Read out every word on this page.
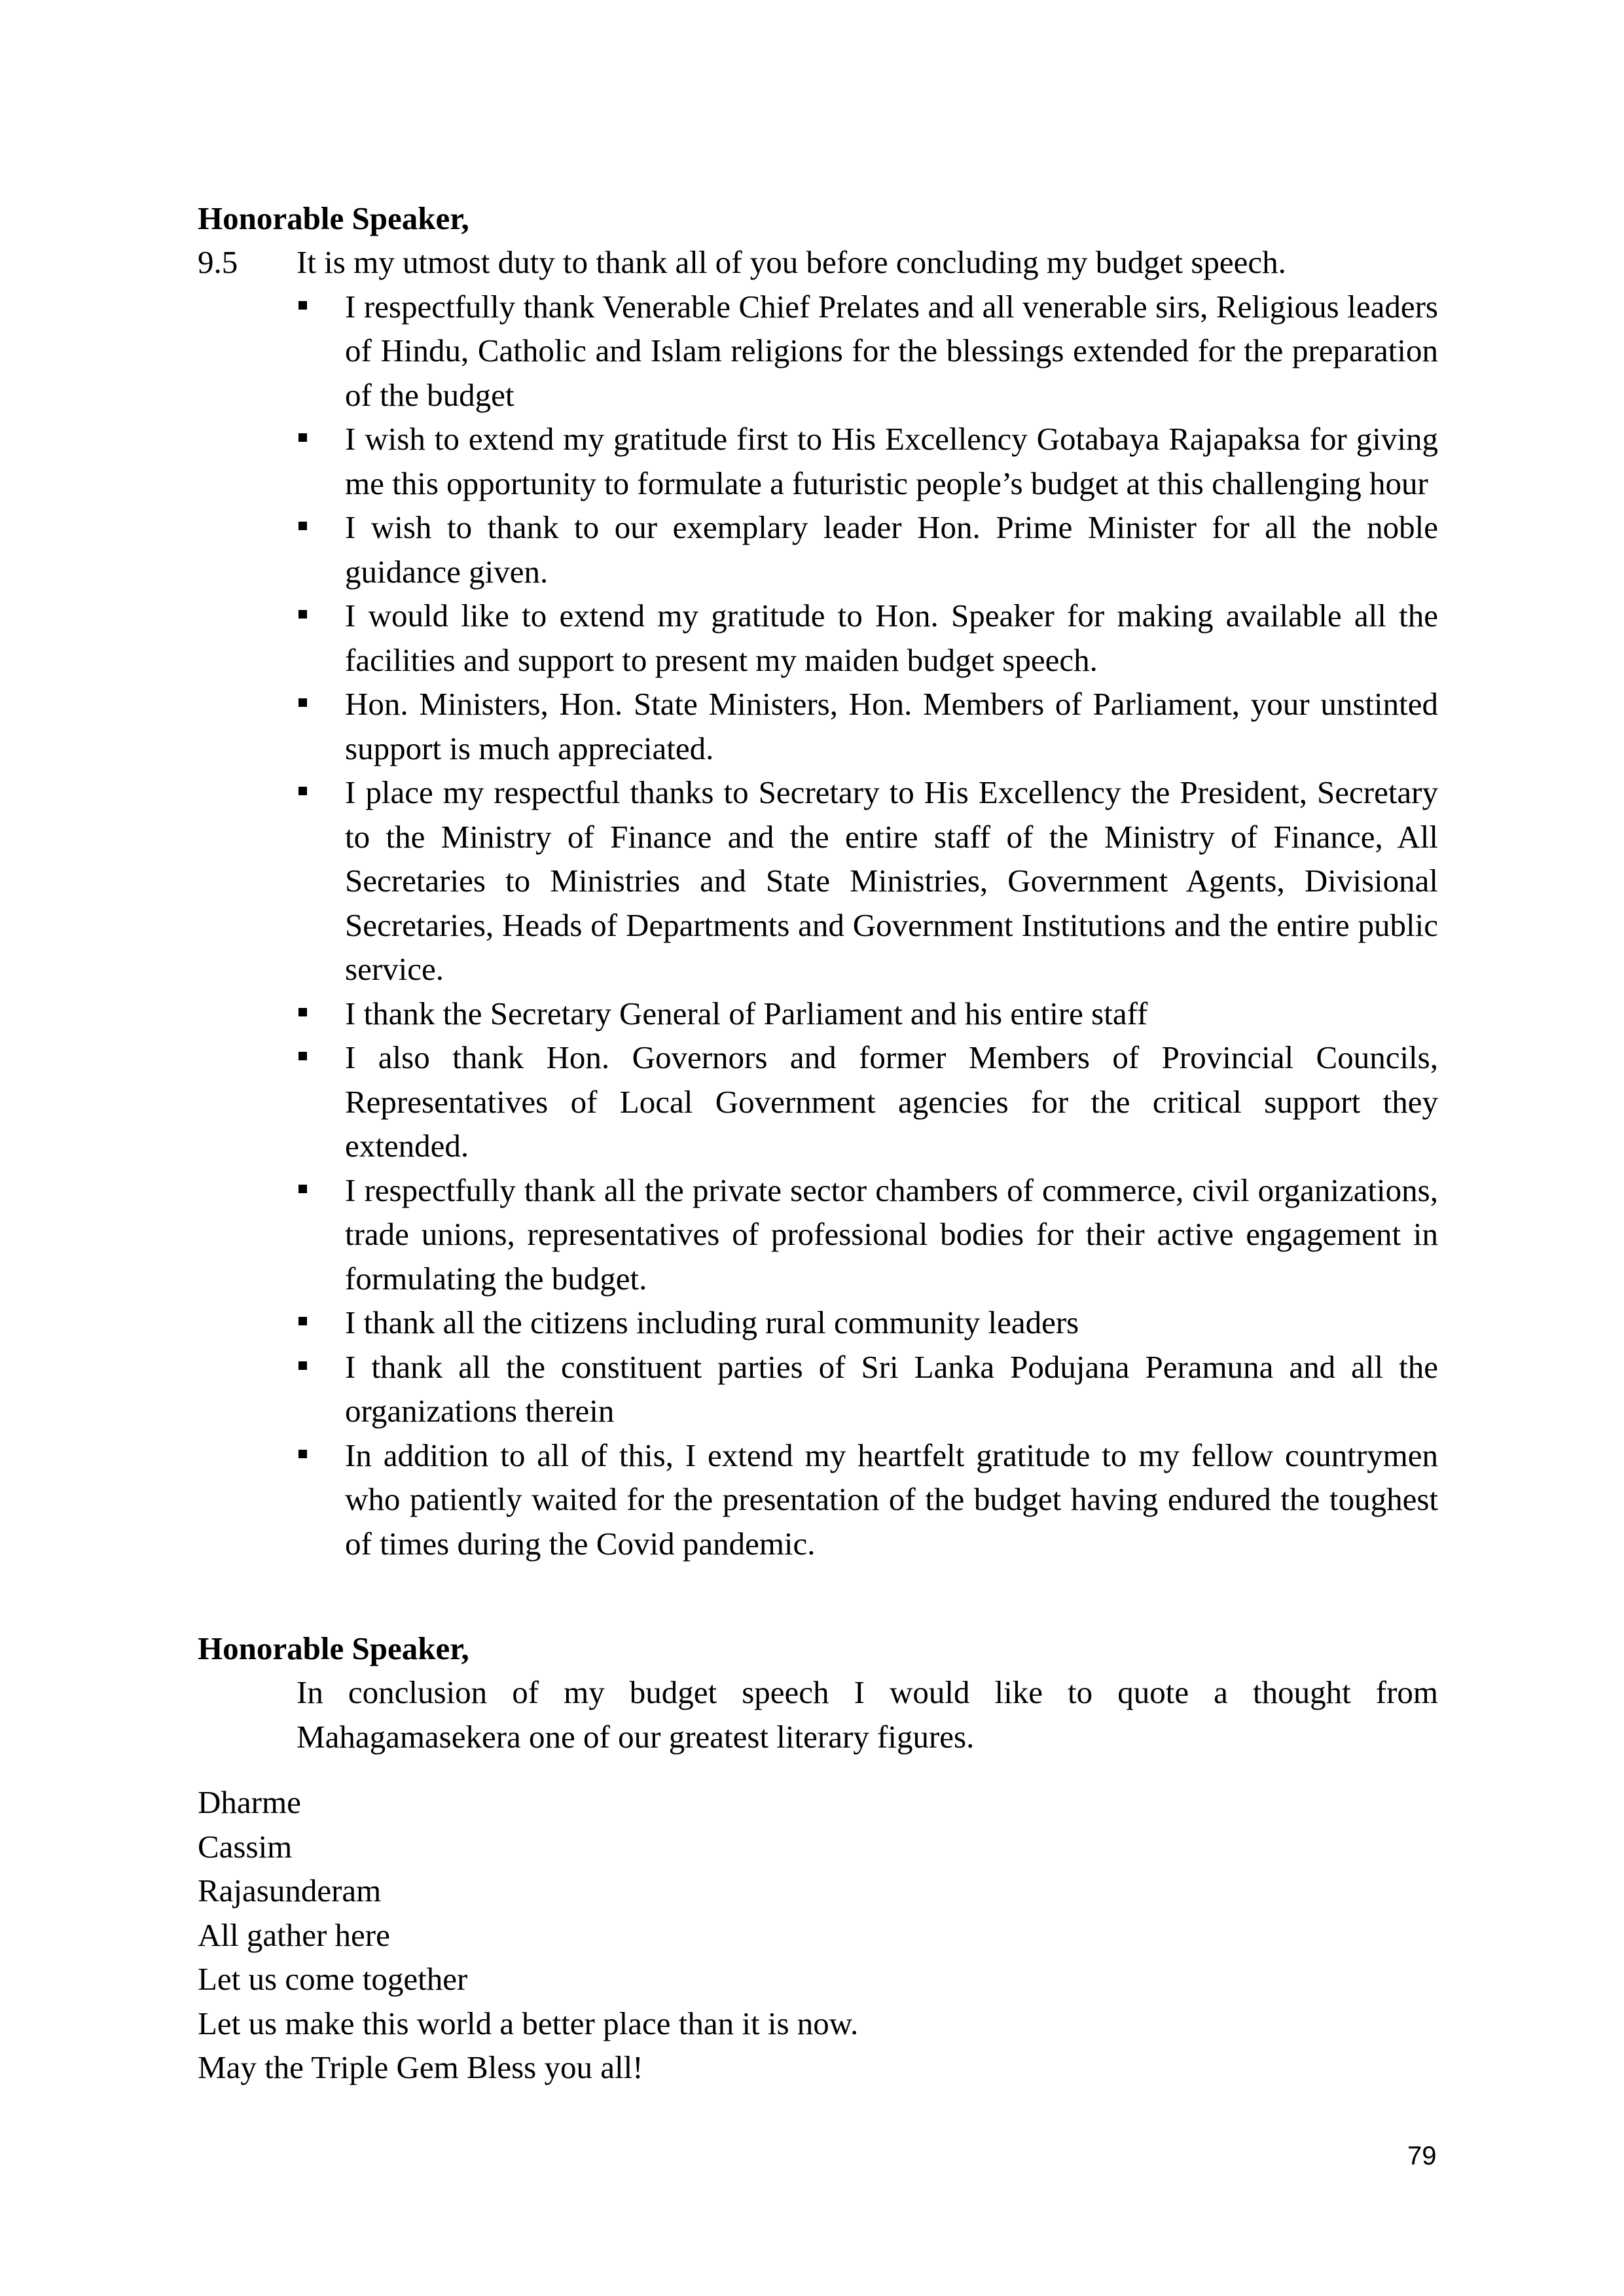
Honorable Speaker,
9.5 It is my utmost duty to thank all of you before concluding my budget speech.
I respectfully thank Venerable Chief Prelates and all venerable sirs, Religious leaders of Hindu, Catholic and Islam religions for the blessings extended for the preparation of the budget
I wish to extend my gratitude first to His Excellency Gotabaya Rajapaksa for giving me this opportunity to formulate a futuristic people’s budget at this challenging hour
I wish to thank to our exemplary leader Hon. Prime Minister for all the noble guidance given.
I would like to extend my gratitude to Hon. Speaker for making available all the facilities and support to present my maiden budget speech.
Hon. Ministers, Hon. State Ministers, Hon. Members of Parliament, your unstinted support is much appreciated.
I place my respectful thanks to Secretary to His Excellency the President, Secretary to the Ministry of Finance and the entire staff of the Ministry of Finance, All Secretaries to Ministries and State Ministries, Government Agents, Divisional Secretaries, Heads of Departments and Government Institutions and the entire public service.
I thank the Secretary General of Parliament and his entire staff
I also thank Hon. Governors and former Members of Provincial Councils, Representatives of Local Government agencies for the critical support they extended.
I respectfully thank all the private sector chambers of commerce, civil organizations, trade unions, representatives of professional bodies for their active engagement in formulating the budget.
I thank all the citizens including rural community leaders
I thank all the constituent parties of Sri Lanka Podujana Peramuna and all the organizations therein
In addition to all of this, I extend my heartfelt gratitude to my fellow countrymen who patiently waited for the presentation of the budget having endured the toughest of times during the Covid pandemic.
Honorable Speaker,
In conclusion of my budget speech I would like to quote a thought from Mahagamasekera one of our greatest literary figures.
Dharme
Cassim
Rajasunderam
All gather here
Let us come together
Let us make this world a better place than it is now.
May the Triple Gem Bless you all!
79
